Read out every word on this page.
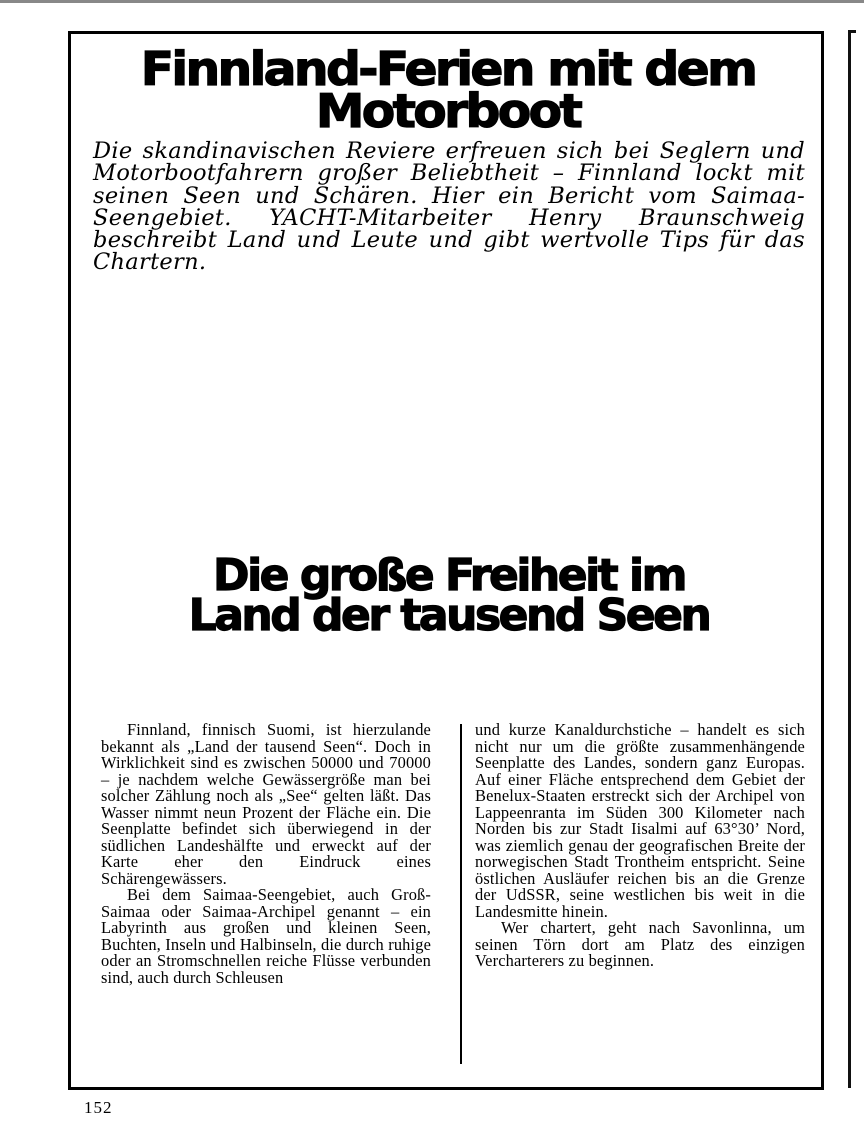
Finnland-Ferien mit dem Motorboot

Die skandinavischen Reviere erfreuen sich bei Seglern und Motorbootfahrern großer Beliebtheit – Finnland lockt mit seinen Seen und Schären. Hier ein Bericht vom Saimaa-Seengebiet. YACHT-Mitarbeiter Henry Braunschweig beschreibt Land und Leute und gibt wertvolle Tips für das Chartern.

Die große Freiheit im Land der tausend Seen

Finnland, finnisch Suomi, ist hierzulande bekannt als „Land der tausend Seen“. Doch in Wirklichkeit sind es zwischen 50000 und 70000 – je nachdem welche Gewässergröße man bei solcher Zählung noch als „See“ gelten läßt. Das Wasser nimmt neun Prozent der Fläche ein. Die Seenplatte befindet sich überwiegend in der südlichen Landeshälfte und erweckt auf der Karte eher den Eindruck eines Schärengewässers.

Bei dem Saimaa-Seengebiet, auch Groß-Saimaa oder Saimaa-Archipel genannt – ein Labyrinth aus großen und kleinen Seen, Buchten, Inseln und Halbinseln, die durch ruhige oder an Stromschnellen reiche Flüsse verbunden sind, auch durch Schleusen

und kurze Kanaldurchstiche – handelt es sich nicht nur um die größte zusammenhängende Seenplatte des Landes, sondern ganz Europas. Auf einer Fläche entsprechend dem Gebiet der Benelux-Staaten erstreckt sich der Archipel von Lappeenranta im Süden 300 Kilometer nach Norden bis zur Stadt Iisalmi auf 63°30’ Nord, was ziemlich genau der geografischen Breite der norwegischen Stadt Trontheim entspricht. Seine östlichen Ausläufer reichen bis an die Grenze der UdSSR, seine westlichen bis weit in die Landesmitte hinein.

Wer chartert, geht nach Savonlinna, um seinen Törn dort am Platz des einzigen Vercharterers zu beginnen.

152
